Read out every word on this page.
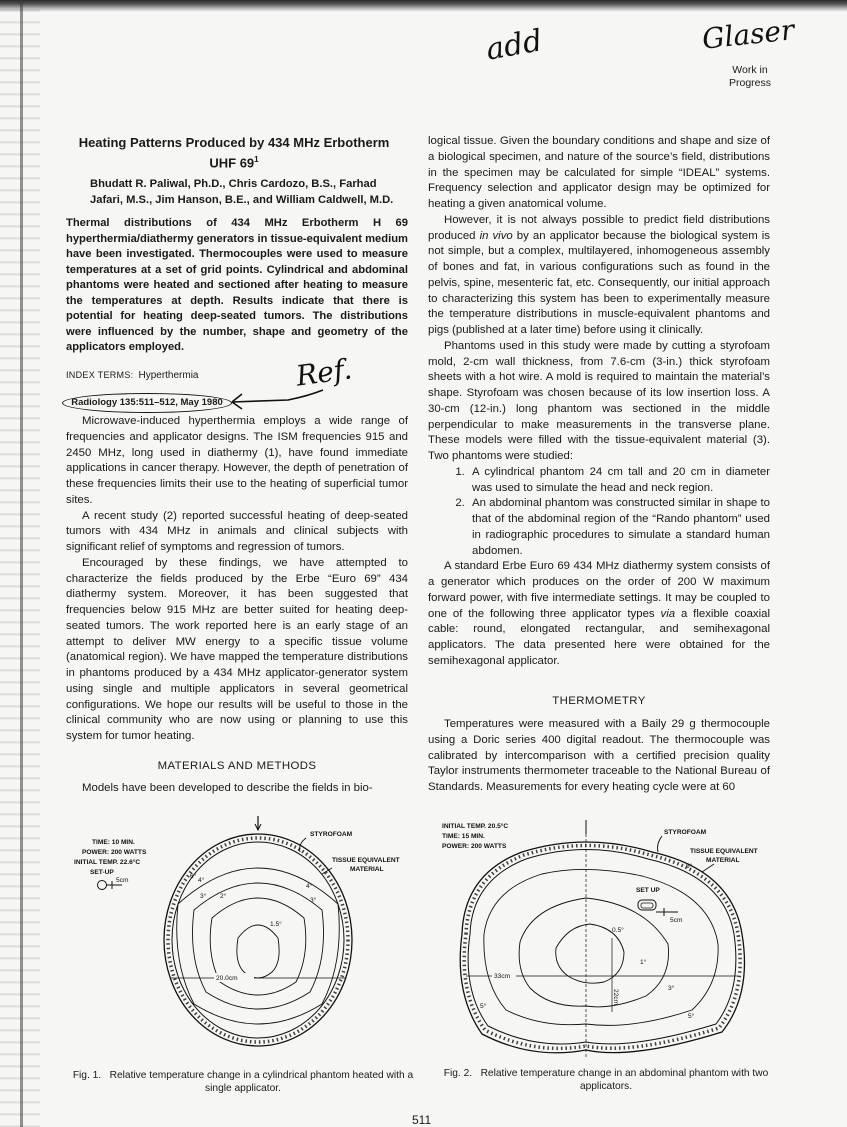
add	Glaser
Ref.
Work in
Progress
Heating Patterns Produced by 434 MHz Erbotherm
UHF $69^1$
Bhudatt R. Paliwal, Ph.D., Chris Cardozo, B.S., Farhad
Jafari, M.S., Jim Hanson, B.E., and William Caldwell, M.D.
Thermal distributions of 434 MHz Erbotherm H 69 hyperthermia/diathermy generators in tissue-equivalent medium have been investigated. Thermocouples were used to measure temperatures at a set of grid points. Cylindrical and abdominal phantoms were heated and sectioned after heating to measure the temperatures at depth. Results indicate that there is potential for heating deep-seated tumors. The distributions were influenced by the number, shape and geometry of the applicators employed.
INDEX TERMS: Hyperthermia
Radiology 135:511–512, May 1980

Microwave-induced hyperthermia employs a wide range of frequencies and applicator designs. The ISM frequencies 915 and 2450 MHz, long used in diathermy (1), have found immediate applications in cancer therapy. However, the depth of penetration of these frequencies limits their use to the heating of superficial tumor sites.

A recent study (2) reported successful heating of deep-seated tumors with 434 MHz in animals and clinical subjects with significant relief of symptoms and regression of tumors.

Encouraged by these findings, we have attempted to characterize the fields produced by the Erbe “Euro 69” 434 diathermy system. Moreover, it has been suggested that frequencies below 915 MHz are better suited for heating deep-seated tumors. The work reported here is an early stage of an attempt to deliver MW energy to a specific tissue volume (anatomical region). We have mapped the temperature distributions in phantoms produced by a 434 MHz applicator-generator system using single and multiple applicators in several geometrical configurations. We hope our results will be useful to those in the clinical community who are now using or planning to use this system for tumor heating.

MATERIALS AND METHODS

Models have been developed to describe the fields in bio-

logical tissue. Given the boundary conditions and shape and size of a biological specimen, and nature of the source’s field, distributions in the specimen may be calculated for simple “IDEAL” systems. Frequency selection and applicator design may be optimized for heating a given anatomical volume.

However, it is not always possible to predict field distributions produced in vivo by an applicator because the biological system is not simple, but a complex, multilayered, inhomogeneous assembly of bones and fat, in various configurations such as found in the pelvis, spine, mesenteric fat, etc. Consequently, our initial approach to characterizing this system has been to experimentally measure the temperature distributions in muscle-equivalent phantoms and pigs (published at a later time) before using it clinically.

Phantoms used in this study were made by cutting a styrofoam mold, 2-cm wall thickness, from 7.6-cm (3-in.) thick styrofoam sheets with a hot wire. A mold is required to maintain the material’s shape. Styrofoam was chosen because of its low insertion loss. A 30-cm (12-in.) long phantom was sectioned in the middle perpendicular to make measurements in the transverse plane. These models were filled with the tissue-equivalent material (3). Two phantoms were studied:

1. A cylindrical phantom 24 cm tall and 20 cm in diameter was used to simulate the head and neck region.
2. An abdominal phantom was constructed similar in shape to that of the abdominal region of the “Rando phantom” used in radiographic procedures to simulate a standard human abdomen.

A standard Erbe Euro 69 434 MHz diathermy system consists of a generator which produces on the order of 200 W maximum forward power, with five intermediate settings. It may be coupled to one of the following three applicator types via a flexible coaxial cable: round, elongated rectangular, and semihexagonal applicators. The data presented here were obtained for the semihexagonal applicator.

THERMOMETRY

Temperatures were measured with a Baily 29 g thermocouple using a Doric series 400 digital readout. The thermocouple was calibrated by intercomparison with a certified precision quality Taylor instruments thermometer traceable to the National Bureau of Standards. Measurements for every heating cycle were at 60

TIME: 10 MIN.
POWER: 200 WATTS
INITIAL TEMP. 22.6°C
SET-UP
5cm
20.0cm
6°
4°
3° 2°
4°
3°
1.5°
STYROFOAM
TISSUE EQUIVALENT
MATERIAL
Fig. 1. Relative temperature change in a cylindrical phantom heated with a single applicator.
INITIAL TEMP. 20.5°C
TIME: 15 MIN.
POWER: 200 WATTS
33cm
22cm
SET UP
5cm
5°
0.5°
1°
3°
5°
5°
STYROFOAM
TISSUE EQUIVALENT
MATERIAL
Fig. 2. Relative temperature change in an abdominal phantom with two applicators.
511
